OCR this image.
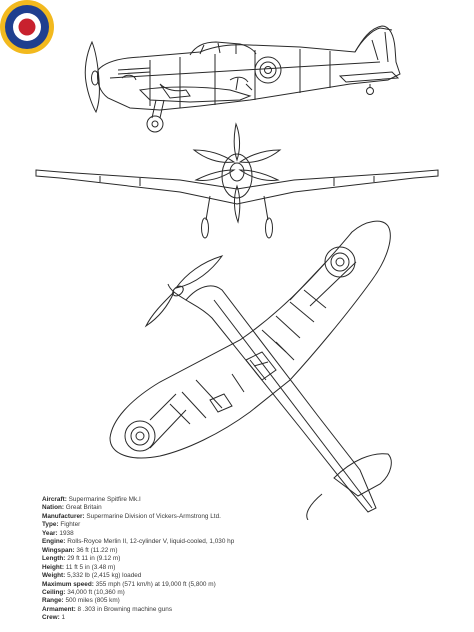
Aircraft: Supermarine Spitfire Mk.I
Nation: Great Britain
Manufacturer: Supermarine Division of Vickers-Armstrong Ltd.
Type: Fighter
Year: 1938
Engine: Rolls-Royce Merlin II, 12-cylinder V, liquid-cooled, 1,030 hp
Wingspan: 36 ft (11.22 m)
Length: 29 ft 11 in (9.12 m)
Height: 11 ft 5 in (3.48 m)
Weight: 5,332 lb (2,415 kg) loaded
Maximum speed: 355 mph (571 km/h) at 19,000 ft (5,800 m)
Ceiling: 34,000 ft (10,360 m)
Range: 500 miles (805 km)
Armament: 8 .303 in Browning machine guns
Crew: 1
